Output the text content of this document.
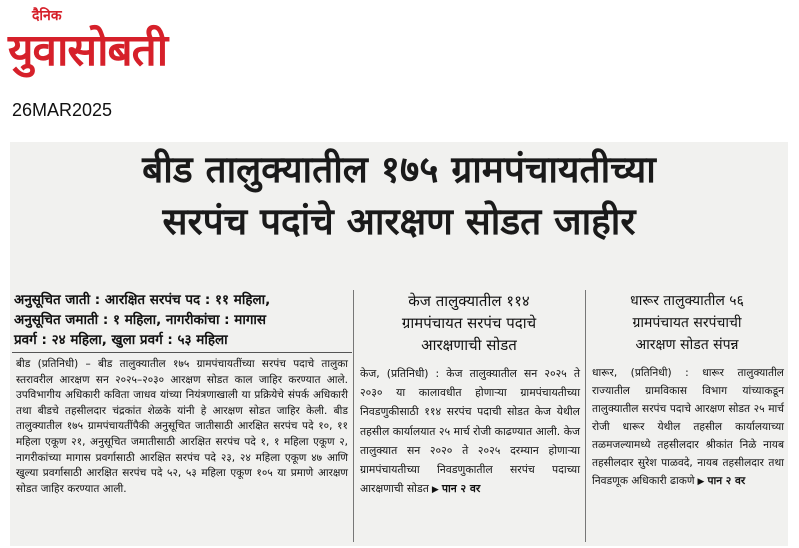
दैनिक
युवासोबती
26MAR2025
बीड तालुक्यातील १७५ ग्रामपंचायतीच्या
सरपंच पदांचे आरक्षण सोडत जाहीर
अनुसूचित जाती : आरक्षित सरपंच पद : ११ महिला,
अनुसूचित जमाती : १ महिला, नागरीकांचा : मागास
प्रवर्ग : २४ महिला, खुला प्रवर्ग : ५३ महिला
बीड (प्रतिनिधी) – बीड तालुक्यातील १७५ ग्रामपंचायतींच्या सरपंच पदाचे तालुका स्तरावरील आरक्षण सन २०२५–२०३० आरक्षण सोडत काल जाहिर करण्यात आले. उपविभागीय अधिकारी कविता जाधव यांच्या नियंत्रणाखाली या प्रक्रियेचे संपर्क अधिकारी तथा बीडचे तहसीलदार चंद्रकांत शेळके यांनी हे आरक्षण सोडत जाहिर केली. बीड तालुक्यातील १७५ ग्रामपंचायतींपैकी अनुसूचित जातीसाठी आरक्षित सरपंच पदे १०, ११ महिला एकूण २१, अनुसूचित जमातीसाठी आरक्षित सरपंच पदे १, १ महिला एकूण २, नागरीकांच्या मागास प्रवर्गासाठी आरक्षित सरपंच पदे २३, २४ महिला एकूण ४७ आणि खुल्या प्रवर्गासाठी आरक्षित सरपंच पदे ५२, ५३ महिला एकूण १०५ या प्रमाणे आरक्षण सोडत जाहिर करण्यात आली.
केज तालुक्यातील ११४
ग्रामपंचायत सरपंच पदाचे
आरक्षणाची सोडत
केज, (प्रतिनिधी) : केज तालुक्यातील सन २०२५ ते २०३० या कालावधीत होणाऱ्या ग्रामपंचायतीच्या निवडणुकीसाठी ११४ सरपंच पदाची सोडत केज येथील तहसील कार्यालयात २५ मार्च रोजी काढण्यात आली. केज तालुक्यात सन २०२० ते २०२५ दरम्यान होणाऱ्या ग्रामपंचायतीच्या निवडणुकातील सरपंच पदाच्या आरक्षणाची सोडत ▶ पान २ वर
धारूर तालुक्यातील ५६
ग्रामपंचायत सरपंचाची
आरक्षण सोडत संपन्न
धारूर, (प्रतिनिधी) : धारूर तालुक्यातील राज्यातील ग्रामविकास विभाग यांच्याकडून तालुक्यातील सरपंच पदाचे आरक्षण सोडत २५ मार्च रोजी धारूर येथील तहसील कार्यालयाच्या तळमजल्यामध्ये तहसीलदार श्रीकांत निळे नायब तहसीलदार सुरेश पाळवदे, नायब तहसीलदार तथा निवडणूक अधिकारी ढाकणे ▶ पान २ वर
